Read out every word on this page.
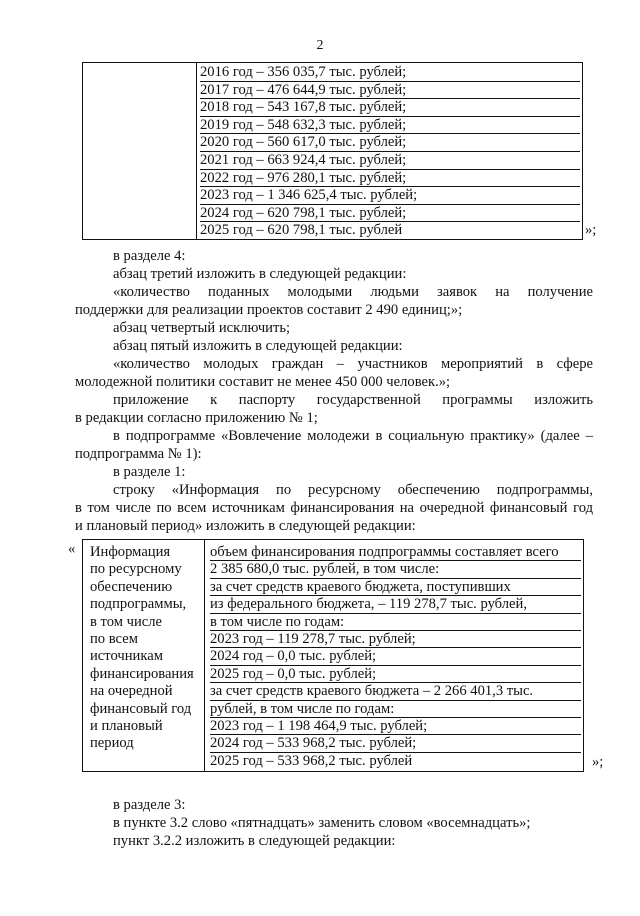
2
2016 год – 356 035,7 тыс. рублей;
2017 год – 476 644,9 тыс. рублей;
2018 год – 543 167,8 тыс. рублей;
2019 год – 548 632,3 тыс. рублей;
2020 год – 560 617,0 тыс. рублей;
2021 год – 663 924,4 тыс. рублей;
2022 год – 976 280,1 тыс. рублей;
2023 год – 1 346 625,4 тыс. рублей;
2024 год – 620 798,1 тыс. рублей;
2025 год – 620 798,1 тыс. рублей	»;

в разделе 4:

абзац третий изложить в следующей редакции:

«количество поданных молодыми людьми заявок на получение

поддержки для реализации проектов составит 2 490 единиц;»;

абзац четвертый исключить;

абзац пятый изложить в следующей редакции:

«количество молодых граждан – участников мероприятий в сфере

молодежной политики составит не менее 450 000 человек.»;

приложение к паспорту государственной программы изложить

в редакции согласно приложению № 1;

в подпрограмме «Вовлечение молодежи в социальную практику» (далее –

подпрограмма № 1):

в разделе 1:

строку «Информация по ресурсному обеспечению подпрограммы,

в том числе по всем источникам финансирования на очередной финансовый год

и плановый период» изложить в следующей редакции:

« Информация
по ресурсному
обеспечению
подпрограммы,
в том числе
по всем
источникам
финансирования
на очередной
финансовый год
и плановый
период
объем финансирования подпрограммы составляет всего
2 385 680,0 тыс. рублей, в том числе:
за счет средств краевого бюджета, поступивших
из федерального бюджета, – 119 278,7 тыс. рублей,
в том числе по годам:
2023 год – 119 278,7 тыс. рублей;
2024 год – 0,0 тыс. рублей;
2025 год – 0,0 тыс. рублей;
за счет средств краевого бюджета – 2 266 401,3 тыс.
рублей, в том числе по годам:
2023 год – 1 198 464,9 тыс. рублей;
2024 год – 533 968,2 тыс. рублей;
2025 год – 533 968,2 тыс. рублей	»;

в разделе 3:

в пункте 3.2 слово «пятнадцать» заменить словом «восемнадцать»;

пункт 3.2.2 изложить в следующей редакции:
